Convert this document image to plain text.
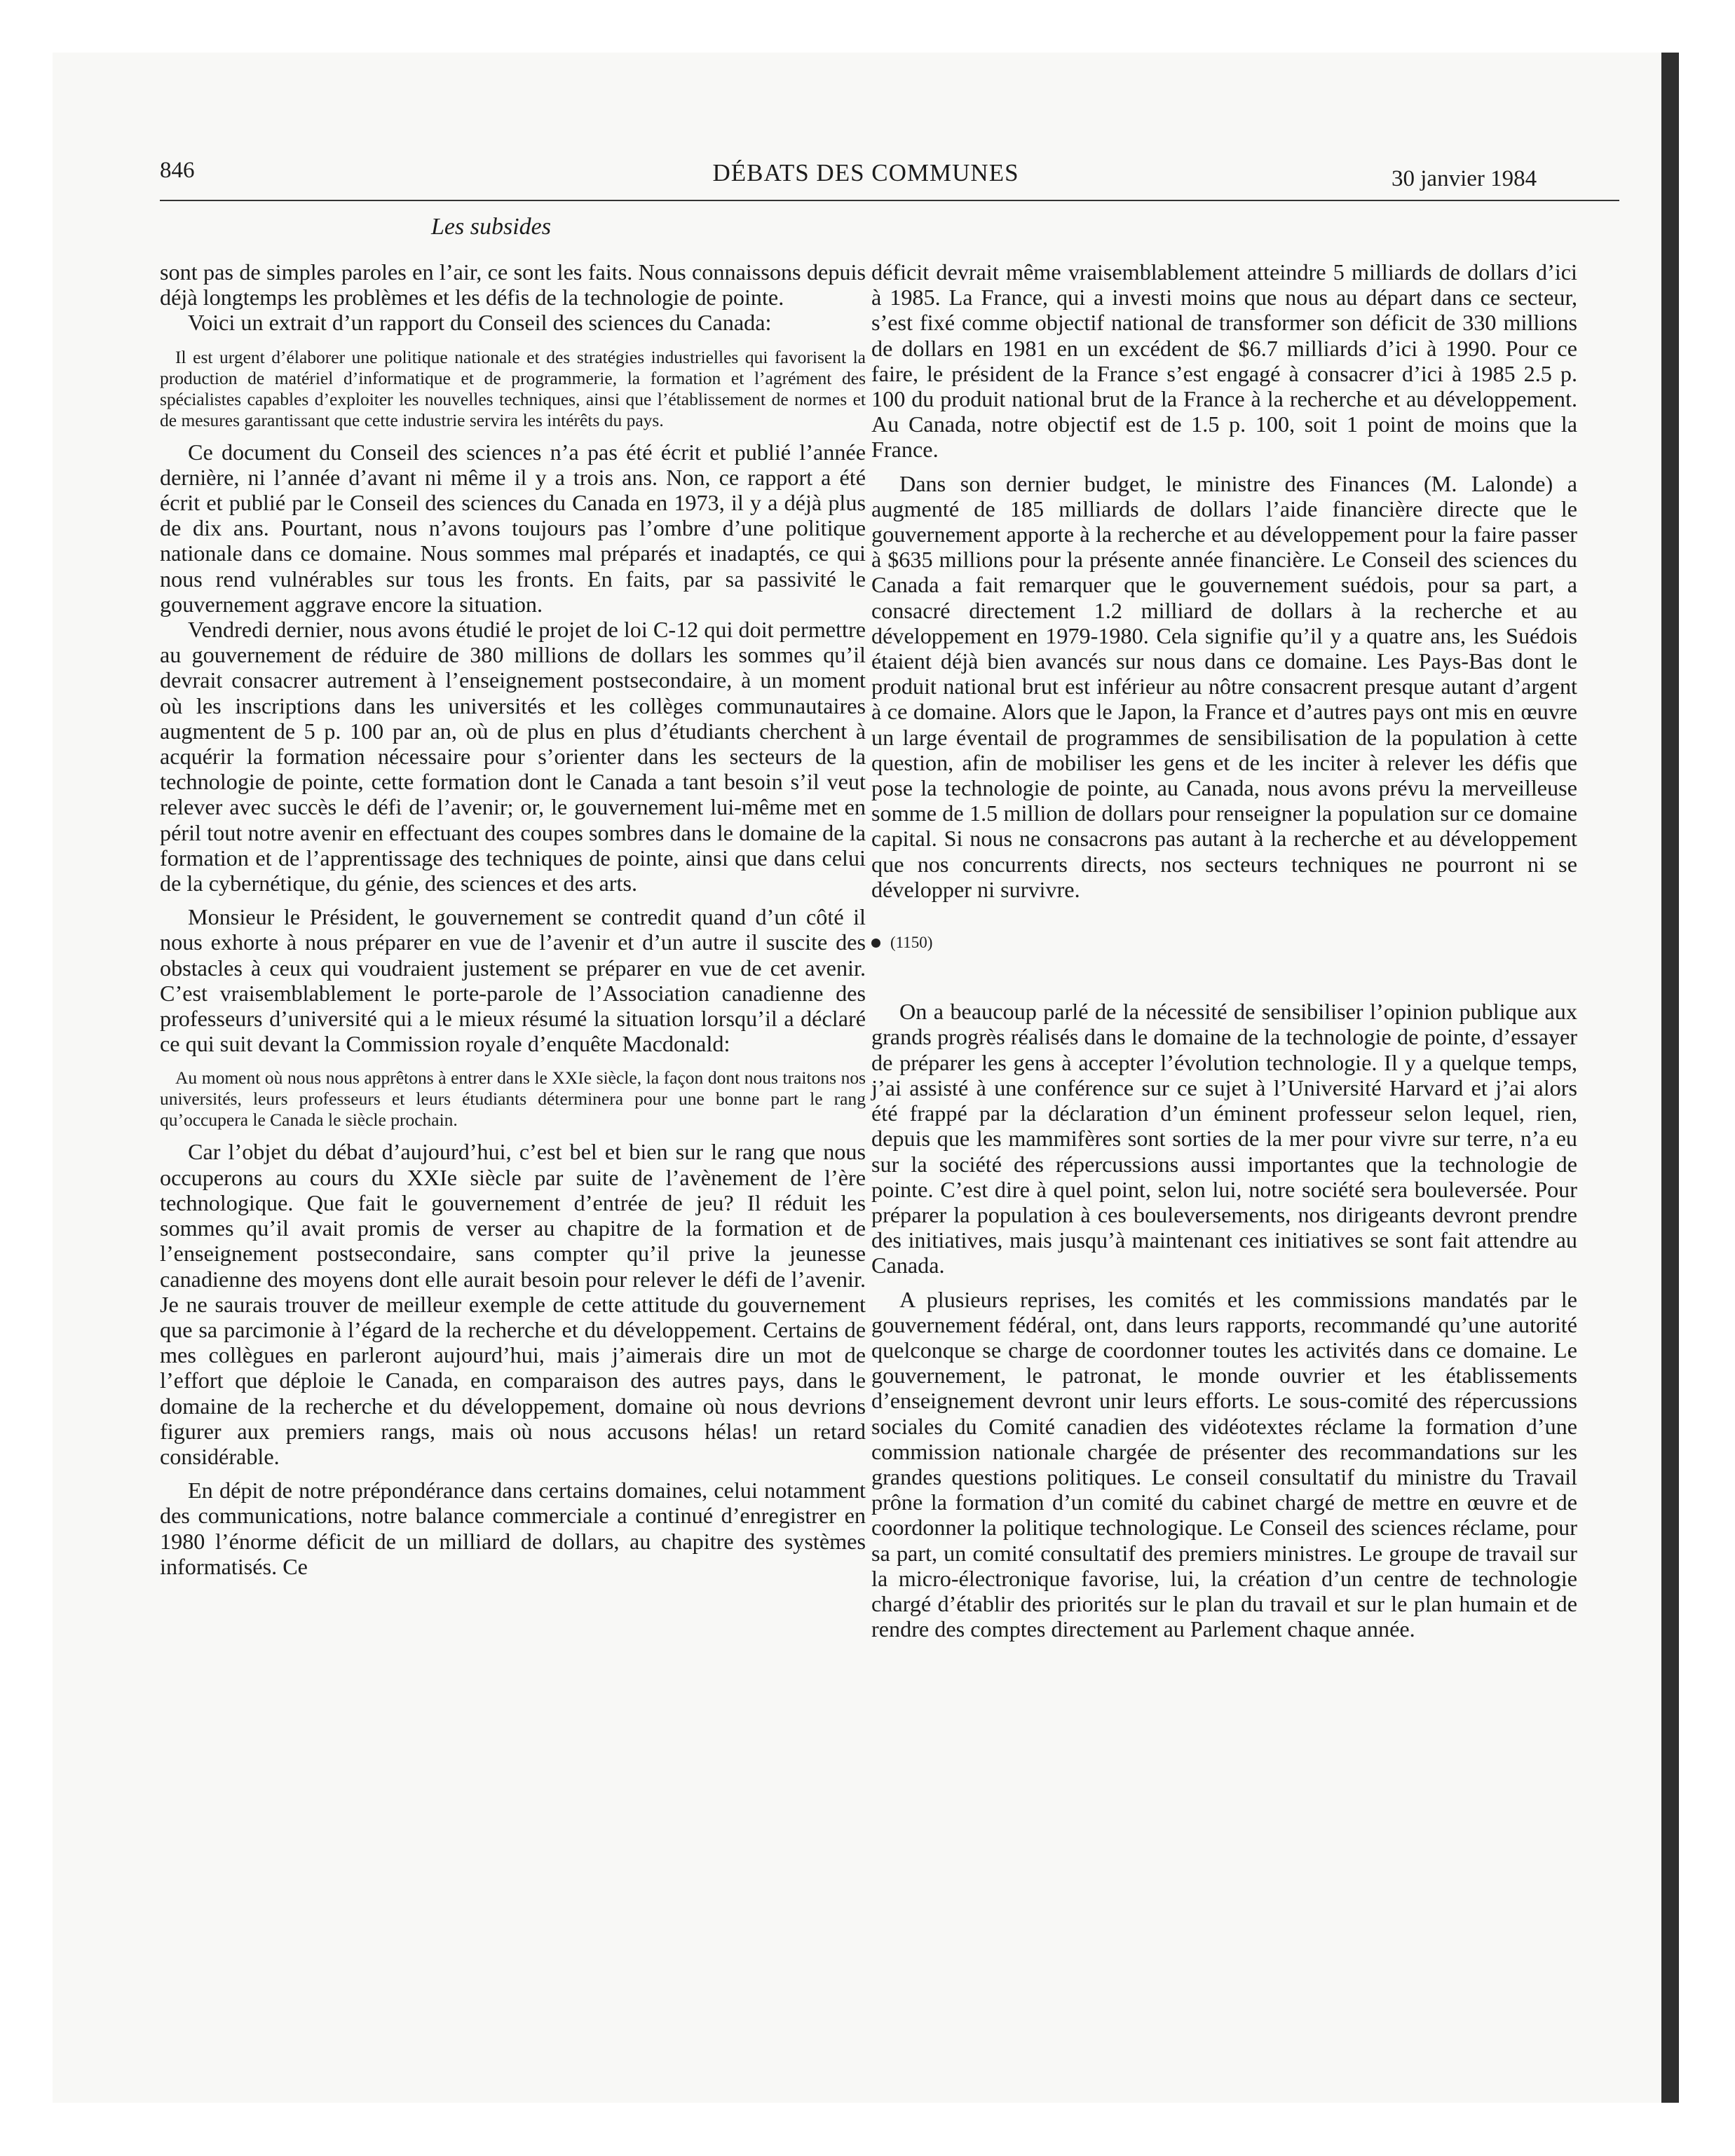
846	DÉBATS DES COMMUNES	30 janvier 1984
Les subsides

sont pas de simples paroles en l’air, ce sont les faits. Nous connaissons depuis déjà longtemps les problèmes et les défis de la technologie de pointe.

Voici un extrait d’un rapport du Conseil des sciences du Canada:

Il est urgent d’élaborer une politique nationale et des stratégies industrielles qui favorisent la production de matériel d’informatique et de programmerie, la formation et l’agrément des spécialistes capables d’exploiter les nouvelles techniques, ainsi que l’établissement de normes et de mesures garantissant que cette industrie servira les intérêts du pays.

Ce document du Conseil des sciences n’a pas été écrit et publié l’année dernière, ni l’année d’avant ni même il y a trois ans. Non, ce rapport a été écrit et publié par le Conseil des sciences du Canada en 1973, il y a déjà plus de dix ans. Pourtant, nous n’avons toujours pas l’ombre d’une politique nationale dans ce domaine. Nous sommes mal préparés et inadaptés, ce qui nous rend vulnérables sur tous les fronts. En faits, par sa passivité le gouvernement aggrave encore la situation.

Vendredi dernier, nous avons étudié le projet de loi C-12 qui doit permettre au gouvernement de réduire de 380 millions de dollars les sommes qu’il devrait consacrer autrement à l’enseignement postsecondaire, à un moment où les inscriptions dans les universités et les collèges communautaires augmentent de 5 p. 100 par an, où de plus en plus d’étudiants cherchent à acquérir la formation nécessaire pour s’orienter dans les secteurs de la technologie de pointe, cette formation dont le Canada a tant besoin s’il veut relever avec succès le défi de l’avenir; or, le gouvernement lui-même met en péril tout notre avenir en effectuant des coupes sombres dans le domaine de la formation et de l’apprentissage des techniques de pointe, ainsi que dans celui de la cybernétique, du génie, des sciences et des arts.

Monsieur le Président, le gouvernement se contredit quand d’un côté il nous exhorte à nous préparer en vue de l’avenir et d’un autre il suscite des obstacles à ceux qui voudraient justement se préparer en vue de cet avenir. C’est vraisemblablement le porte-parole de l’Association canadienne des professeurs d’université qui a le mieux résumé la situation lorsqu’il a déclaré ce qui suit devant la Commission royale d’enquête Macdonald:

Au moment où nous nous apprêtons à entrer dans le XXIe siècle, la façon dont nous traitons nos universités, leurs professeurs et leurs étudiants déterminera pour une bonne part le rang qu’occupera le Canada le siècle prochain.

Car l’objet du débat d’aujourd’hui, c’est bel et bien sur le rang que nous occuperons au cours du XXIe siècle par suite de l’avènement de l’ère technologique. Que fait le gouvernement d’entrée de jeu? Il réduit les sommes qu’il avait promis de verser au chapitre de la formation et de l’enseignement postsecondaire, sans compter qu’il prive la jeunesse canadienne des moyens dont elle aurait besoin pour relever le défi de l’avenir. Je ne saurais trouver de meilleur exemple de cette attitude du gouvernement que sa parcimonie à l’égard de la recherche et du développement. Certains de mes collègues en parleront aujourd’hui, mais j’aimerais dire un mot de l’effort que déploie le Canada, en comparaison des autres pays, dans le domaine de la recherche et du développement, domaine où nous devrions figurer aux premiers rangs, mais où nous accusons hélas! un retard considérable.

En dépit de notre prépondérance dans certains domaines, celui notamment des communications, notre balance commerciale a continué d’enregistrer en 1980 l’énorme déficit de un milliard de dollars, au chapitre des systèmes informatisés. Ce

déficit devrait même vraisemblablement atteindre 5 milliards de dollars d’ici à 1985. La France, qui a investi moins que nous au départ dans ce secteur, s’est fixé comme objectif national de transformer son déficit de 330 millions de dollars en 1981 en un excédent de $6.7 milliards d’ici à 1990. Pour ce faire, le président de la France s’est engagé à consacrer d’ici à 1985 2.5 p. 100 du produit national brut de la France à la recherche et au développement. Au Canada, notre objectif est de 1.5 p. 100, soit 1 point de moins que la France.

Dans son dernier budget, le ministre des Finances (M. Lalonde) a augmenté de 185 milliards de dollars l’aide financière directe que le gouvernement apporte à la recherche et au développement pour la faire passer à $635 millions pour la présente année financière. Le Conseil des sciences du Canada a fait remarquer que le gouvernement suédois, pour sa part, a consacré directement 1.2 milliard de dollars à la recherche et au développement en 1979-1980. Cela signifie qu’il y a quatre ans, les Suédois étaient déjà bien avancés sur nous dans ce domaine. Les Pays-Bas dont le produit national brut est inférieur au nôtre consacrent presque autant d’argent à ce domaine. Alors que le Japon, la France et d’autres pays ont mis en œuvre un large éventail de programmes de sensibilisation de la population à cette question, afin de mobiliser les gens et de les inciter à relever les défis que pose la technologie de pointe, au Canada, nous avons prévu la merveilleuse somme de 1.5 million de dollars pour renseigner la population sur ce domaine capital. Si nous ne consacrons pas autant à la recherche et au développement que nos concurrents directs, nos secteurs techniques ne pourront ni se développer ni survivre.

(1150)

On a beaucoup parlé de la nécessité de sensibiliser l’opinion publique aux grands progrès réalisés dans le domaine de la technologie de pointe, d’essayer de préparer les gens à accepter l’évolution technologie. Il y a quelque temps, j’ai assisté à une conférence sur ce sujet à l’Université Harvard et j’ai alors été frappé par la déclaration d’un éminent professeur selon lequel, rien, depuis que les mammifères sont sorties de la mer pour vivre sur terre, n’a eu sur la société des répercussions aussi importantes que la technologie de pointe. C’est dire à quel point, selon lui, notre société sera bouleversée. Pour préparer la population à ces bouleversements, nos dirigeants devront prendre des initiatives, mais jusqu’à maintenant ces initiatives se sont fait attendre au Canada.

A plusieurs reprises, les comités et les commissions mandatés par le gouvernement fédéral, ont, dans leurs rapports, recommandé qu’une autorité quelconque se charge de coordonner toutes les activités dans ce domaine. Le gouvernement, le patronat, le monde ouvrier et les établissements d’enseignement devront unir leurs efforts. Le sous-comité des répercussions sociales du Comité canadien des vidéotextes réclame la formation d’une commission nationale chargée de présenter des recommandations sur les grandes questions politiques. Le conseil consultatif du ministre du Travail prône la formation d’un comité du cabinet chargé de mettre en œuvre et de coordonner la politique technologique. Le Conseil des sciences réclame, pour sa part, un comité consultatif des premiers ministres. Le groupe de travail sur la micro-électronique favorise, lui, la création d’un centre de technologie chargé d’établir des priorités sur le plan du travail et sur le plan humain et de rendre des comptes directement au Parlement chaque année.
